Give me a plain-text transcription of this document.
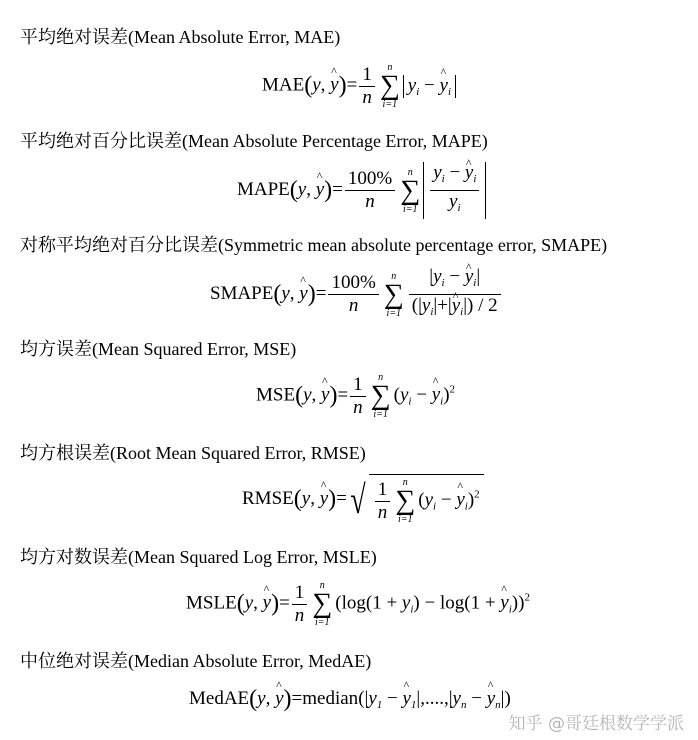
平均绝对误差(Mean Absolute Error, MAE)
MAE(y, ^ $y)= \frac{1}{n}$	n
∑
i=1
$y_i$ − ^ $y_i$
平均绝对百分比误差(Mean Absolute Percentage Error, MAPE)
MAPE(y, ^ $y)= \frac{100\%}{n}$	n
∑
$i=1 \frac{y_i - \^{} y_i}{y_i}$
对称平均绝对百分比误差(Symmetric mean absolute percentage error, SMAPE)
SMAPE(y, ^ $y)= \frac{100\%}{n}$	n
∑
$i=1 \frac{|y_i - \^{} y_i|}{(|y_i|+|\^{} y_i|) / 2}$
均方误差(Mean Squared Error, MSE)
MSE(y, ^ $y)= \frac{1}{n}$	n
∑
i=1
($y_i$ − ^ $y_i)^2$
均方根误差(Root Mean Squared Error, RMSE)
RMSE(y, ^ $y)=√ \frac{1}{n}$	n
∑
i=1
($y_i$ − ^ $y_i)^2$
均方对数误差(Mean Squared Log Error, MSLE)
MSLE(y, ^ $y)= \frac{1}{n}$	n
∑
i=1
($\log(1 + y_i) - \log(1$ + ^ $y_i))^2$
中位绝对误差(Median Absolute Error, MedAE)
MedAE(y, ^ $y)=median(|y_1$ − ^ $y_1|,....,|y_n$ − ^ $y_n|$)
知乎 @哥廷根数学学派
